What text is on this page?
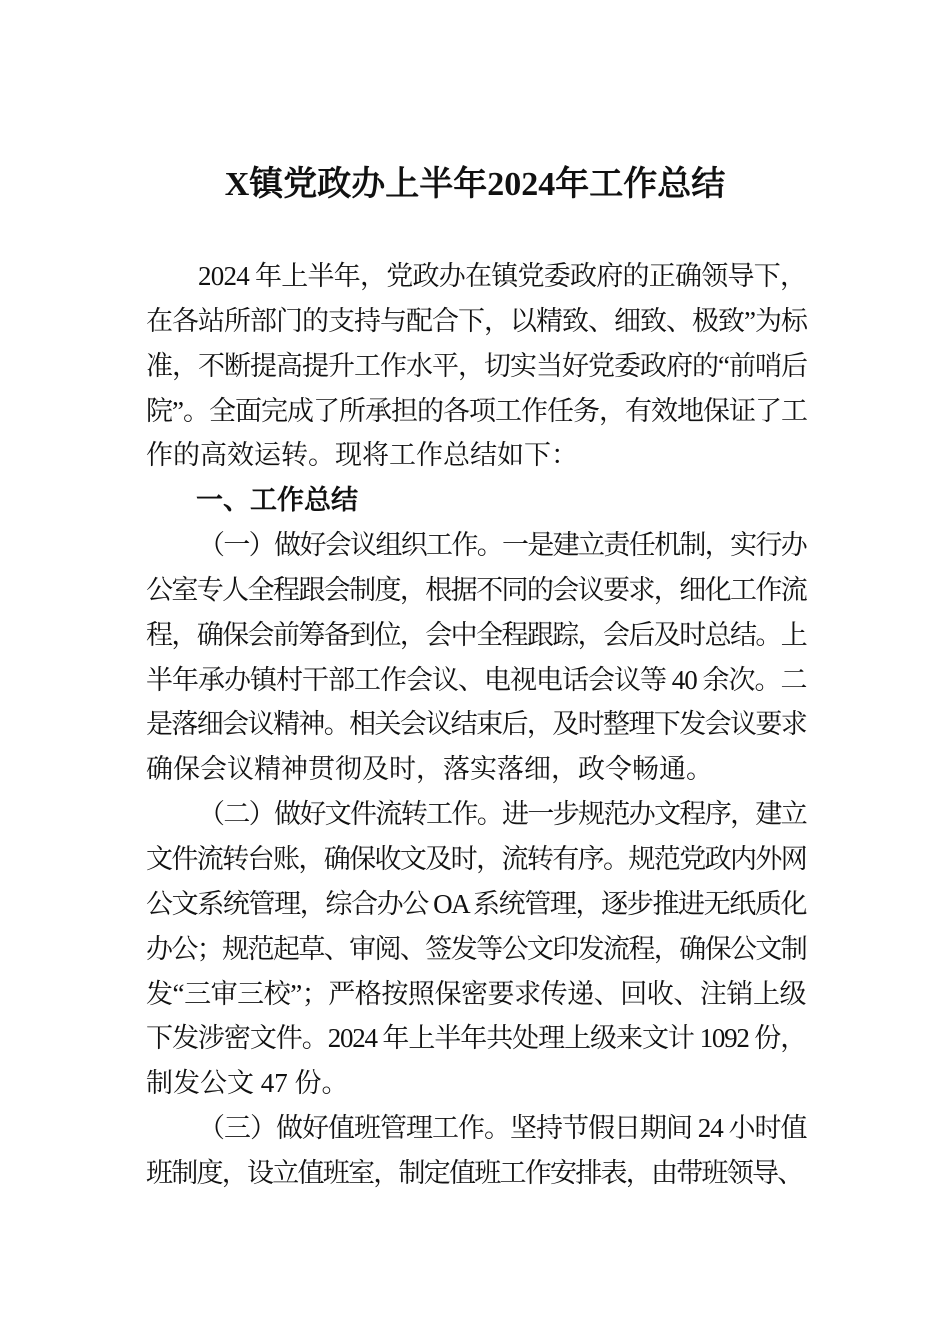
X镇党政办上半年2024年工作总结
2024 年上半年，党政办在镇党委政府的正确领导下，
在各站所部门的支持与配合下，以精致、细致、极致”为标
准，不断提高提升工作水平，切实当好党委政府的“前哨后
院”。全面完成了所承担的各项工作任务，有效地保证了工
作的高效运转。现将工作总结如下：
一、工作总结
（一）做好会议组织工作。一是建立责任机制，实行办
公室专人全程跟会制度，根据不同的会议要求，细化工作流
程，确保会前筹备到位，会中全程跟踪，会后及时总结。上
半年承办镇村干部工作会议、电视电话会议等 40 余次。二
是落细会议精神。相关会议结束后，及时整理下发会议要求
确保会议精神贯彻及时，落实落细，政令畅通。
（二）做好文件流转工作。进一步规范办文程序，建立
文件流转台账，确保收文及时，流转有序。规范党政内外网
公文系统管理，综合办公 OA 系统管理，逐步推进无纸质化
办公；规范起草、审阅、签发等公文印发流程，确保公文制
发“三审三校”；严格按照保密要求传递、回收、注销上级
下发涉密文件。2024 年上半年共处理上级来文计 1092 份，
制发公文 47 份。
（三）做好值班管理工作。坚持节假日期间 24 小时值
班制度，设立值班室，制定值班工作安排表，由带班领导、
